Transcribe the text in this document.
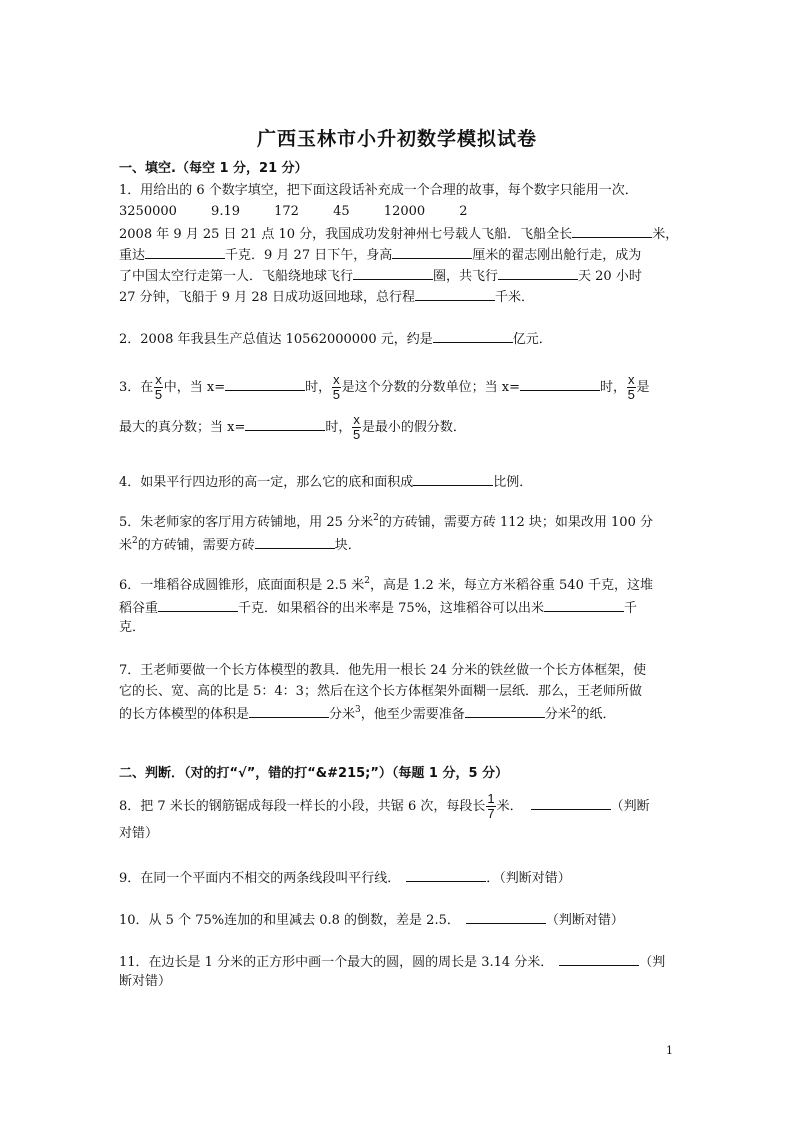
广西玉林市小升初数学模拟试卷
一、填空.（每空 1 分，21 分）
1．用给出的 6 个数字填空，把下面这段话补充成一个合理的故事，每个数字只能用一次．
3250000	9.19	172	45	12000	2
2008 年 9 月 25 日 21 点 10 分，我国成功发射神州七号载人飞船．飞船全长	米，
重达	千克．9 月 27 日下午，身高	厘米的翟志刚出舱行走，成为
了中国太空行走第一人．飞船绕地球飞行	圈，共飞行	天 20 小时
27 分钟，飞船于 9 月 28 日成功返回地球，总行程	千米．
2．2008 年我县生产总值达 10562000000 元，约是	亿元．
3．在 $\frac{x}{5}$ 中，当 x=	时， $\frac{x}{5}$ 是这个分数的分数单位；当 x=	时， $\frac{x}{5}$ 是
最大的真分数；当 x=	时， $\frac{x}{5}$ 是最小的假分数．
4．如果平行四边形的高一定，那么它的底和面积成	比例．
5．朱老师家的客厅用方砖铺地，用 25 分米$^2$的方砖铺，需要方砖 112 块；如果改用 100 分
米$^2$的方砖铺，需要方砖	块．
6．一堆稻谷成圆锥形，底面面积是 2.5 米$^2$，高是 1.2 米，每立方米稻谷重 540 千克，这堆
稻谷重	千克．如果稻谷的出米率是 75%，这堆稻谷可以出米	千
克．
7．王老师要做一个长方体模型的教具．他先用一根长 24 分米的铁丝做一个长方体框架，使
它的长、宽、高的比是 5：4：3；然后在这个长方体框架外面糊一层纸．那么，王老师所做
的长方体模型的体积是	分米$^3$，他至少需要准备	分米$^2$的纸．
二、判断．（对的打“√”，错的打“&#215;”）（每题 1 分，5 分）
8．把 7 米长的钢筋锯成每段一样长的小段，共锯 6 次，每段长 $\frac{1}{7}$ 米．	（判断
对错）
9．在同一个平面内不相交的两条线段叫平行线．	．（判断对错）
10．从 5 个 75%连加的和里减去 0.8 的倒数，差是 2.5．	（判断对错）
11．在边长是 1 分米的正方形中画一个最大的圆，圆的周长是 3.14 分米．	（判
断对错）
1
